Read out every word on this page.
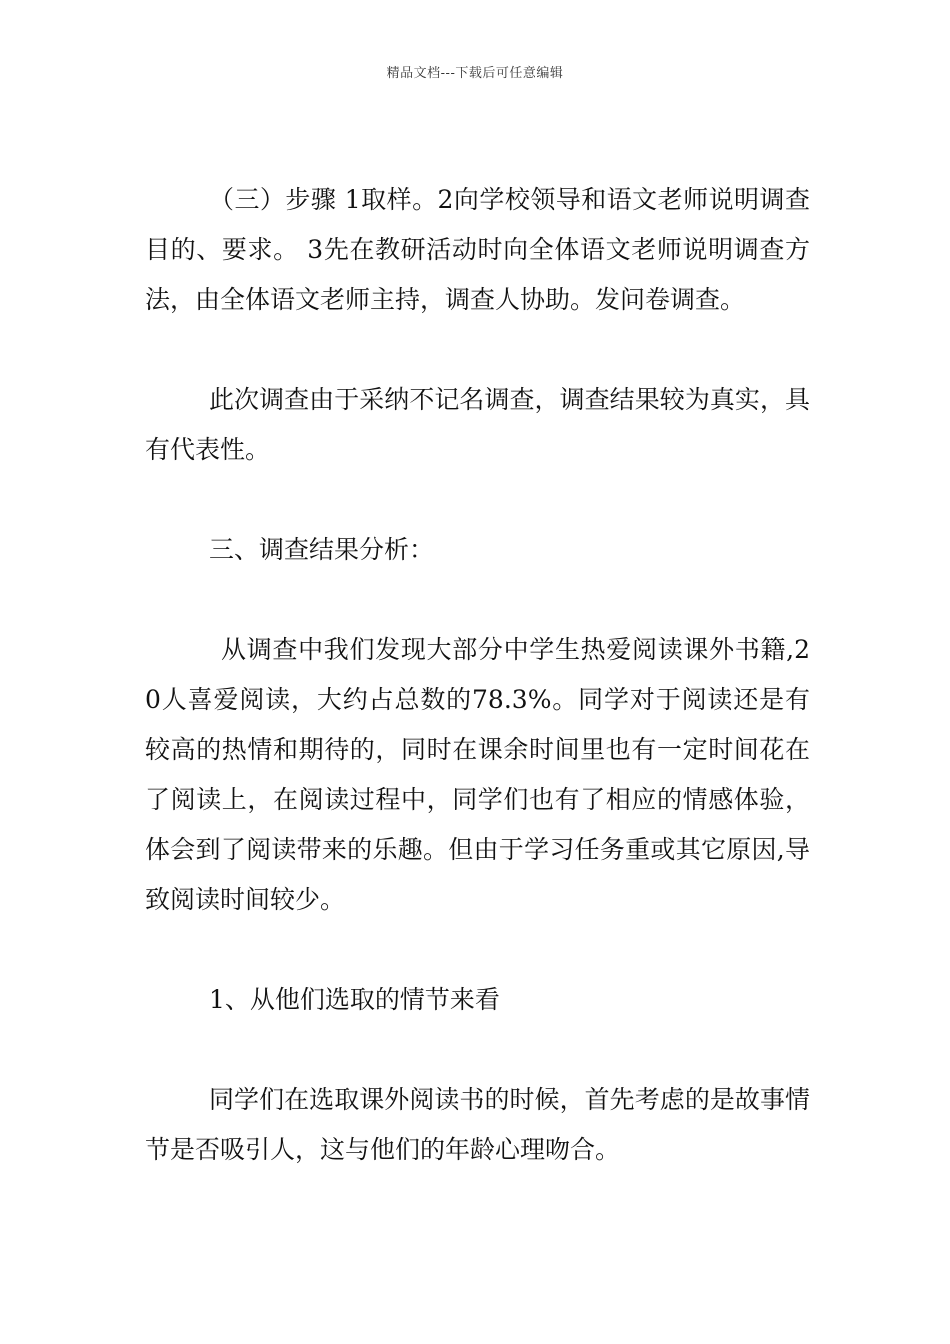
精品文档---下载后可任意编辑

（三）步骤 1取样。2向学校领导和语文老师说明调查目的、要求。 3先在教研活动时向全体语文老师说明调查方法，由全体语文老师主持，调查人协助。发问卷调查。

此次调查由于采纳不记名调查，调查结果较为真实，具有代表性。

三、调查结果分析：

从调查中我们发现大部分中学生热爱阅读课外书籍,20人喜爱阅读，大约占总数的78.3%。同学对于阅读还是有较高的热情和期待的，同时在课余时间里也有一定时间花在了阅读上，在阅读过程中，同学们也有了相应的情感体验，体会到了阅读带来的乐趣。但由于学习任务重或其它原因,导致阅读时间较少。

1、从他们选取的情节来看

同学们在选取课外阅读书的时候，首先考虑的是故事情节是否吸引人，这与他们的年龄心理吻合。
